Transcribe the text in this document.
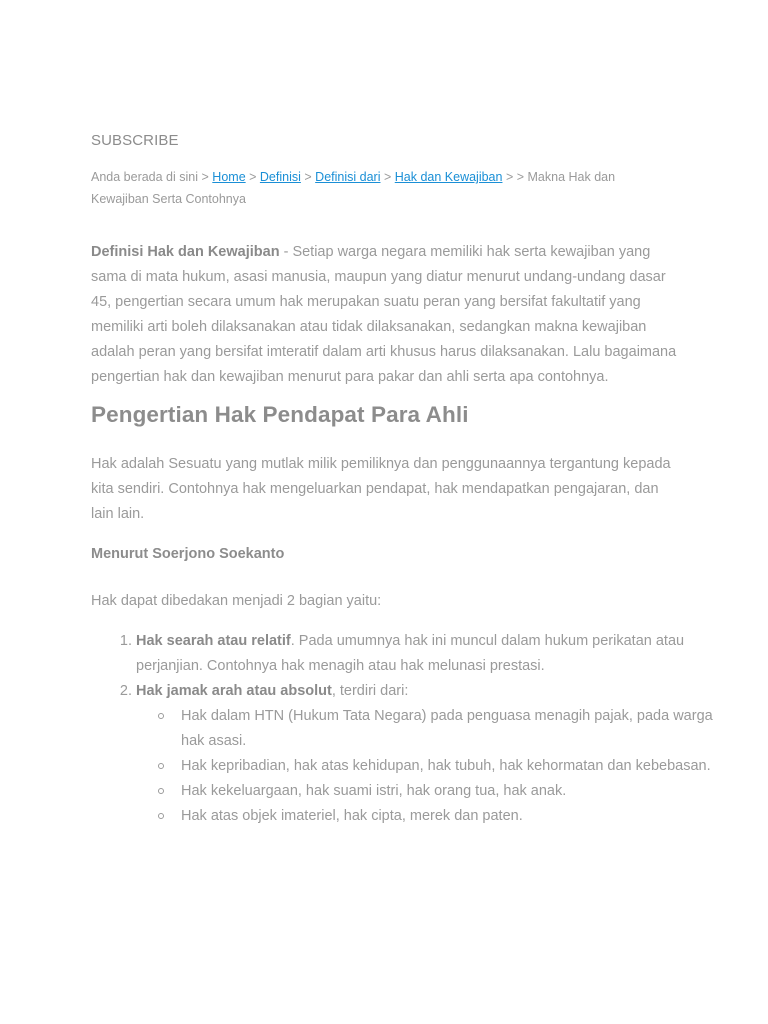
SUBSCRIBE
Anda berada di sini > Home > Definisi > Definisi dari > Hak dan Kewajiban > > Makna Hak dan Kewajiban Serta Contohnya

Definisi Hak dan Kewajiban - Setiap warga negara memiliki hak serta kewajiban yang sama di mata hukum, asasi manusia, maupun yang diatur menurut undang-undang dasar 45, pengertian secara umum hak merupakan suatu peran yang bersifat fakultatif yang memiliki arti boleh dilaksanakan atau tidak dilaksanakan, sedangkan makna kewajiban adalah peran yang bersifat imteratif dalam arti khusus harus dilaksanakan. Lalu bagaimana pengertian hak dan kewajiban menurut para pakar dan ahli serta apa contohnya.

Pengertian Hak Pendapat Para Ahli

Hak adalah Sesuatu yang mutlak milik pemiliknya dan penggunaannya tergantung kepada kita sendiri. Contohnya hak mengeluarkan pendapat, hak mendapatkan pengajaran, dan lain lain.

Menurut Soerjono Soekanto

Hak dapat dibedakan menjadi 2 bagian yaitu:

1. Hak searah atau relatif. Pada umumnya hak ini muncul dalam hukum perikatan atau perjanjian. Contohnya hak menagih atau hak melunasi prestasi.
2. Hak jamak arah atau absolut, terdiri dari:
Hak dalam HTN (Hukum Tata Negara) pada penguasa menagih pajak, pada warga hak asasi.
Hak kepribadian, hak atas kehidupan, hak tubuh, hak kehormatan dan kebebasan.
Hak kekeluargaan, hak suami istri, hak orang tua, hak anak.
Hak atas objek imateriel, hak cipta, merek dan paten.
